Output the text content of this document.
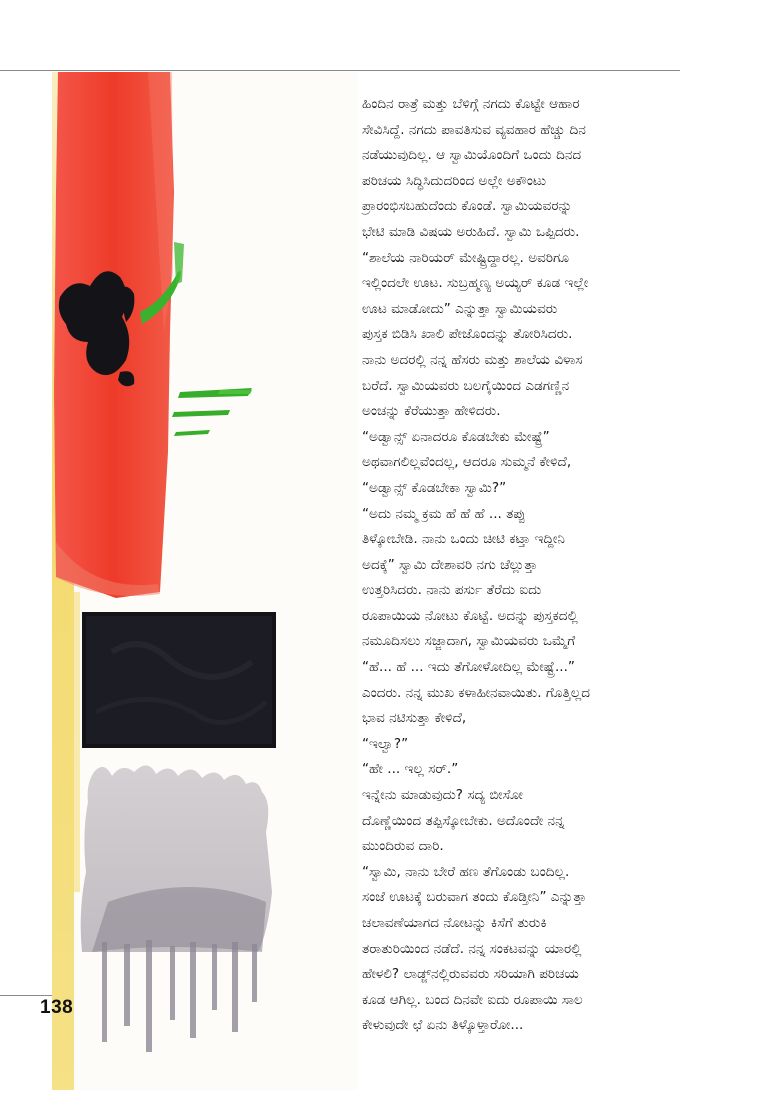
138
ಹಿಂದಿನ ರಾತ್ರೆ ಮತ್ತು ಬೆಳಿಗ್ಗೆ ನಗದು ಕೊಟ್ಟೇ ಆಹಾರ
ಸೇವಿಸಿದ್ದೆ. ನಗದು ಪಾವತಿಸುವ ವ್ಯವಹಾರ ಹೆಚ್ಚು ದಿನ
ನಡೆಯುವುದಿಲ್ಲ. ಆ ಸ್ವಾಮಿಯೊಂದಿಗೆ ಒಂದು ದಿನದ
ಪರಿಚಯ ಸಿದ್ಧಿಸಿದುದರಿಂದ ಅಲ್ಲೇ ಅಕೌಂಟು
ಪ್ರಾರಂಭಿಸಬಹುದೆಂದು ಕೊಂಡೆ. ಸ್ವಾಮಿಯವರನ್ನು
ಭೇಟಿ ಮಾಡಿ ವಿಷಯ ಅರುಹಿದೆ. ಸ್ವಾಮಿ ಒಪ್ಪಿದರು.
“ಶಾಲೆಯ ನಾರಿಯರ್ ಮೇಷ್ಟ್ರಿದ್ದಾರಲ್ಲ. ಅವರಿಗೂ
ಇಲ್ಲಿಂದಲೇ ಊಟ. ಸುಬ್ರಹ್ಮಣ್ಯ ಅಯ್ಯರ್ ಕೂಡ ಇಲ್ಲೇ
ಊಟ ಮಾಡೋದು” ಎನ್ನುತ್ತಾ ಸ್ವಾಮಿಯವರು
ಪುಸ್ತಕ ಬಿಡಿಸಿ ಖಾಲಿ ಪೇಜೊಂದನ್ನು ತೋರಿಸಿದರು.
ನಾನು ಅದರಲ್ಲಿ ನನ್ನ ಹೆಸರು ಮತ್ತು ಶಾಲೆಯ ವಿಳಾಸ
ಬರೆದೆ. ಸ್ವಾಮಿಯವರು ಬಲಗೈಯಿಂದ ಎಡಗಣ್ಣಿನ
ಅಂಚನ್ನು ಕೆರೆಯುತ್ತಾ ಹೇಳಿದರು.
“ಅಡ್ವಾನ್ಸ್ ಏನಾದರೂ ಕೊಡಬೇಕು ಮೇಷ್ಟ್ರೆ”
ಅಥವಾಗಲಿಲ್ಲವೆಂದಲ್ಲ, ಆದರೂ ಸುಮ್ಮನೆ ಕೇಳಿದೆ,
“ಅಡ್ವಾನ್ಸ್ ಕೊಡಬೇಕಾ ಸ್ವಾಮಿ?”
“ಅದು ನಮ್ಮ ಕ್ರಮ ಹೆ ಹೆ ಹೆ ... ತಪ್ಪು
ತಿಳ್ಕೋಬೇಡಿ. ನಾನು ಒಂದು ಚೀಟಿ ಕಟ್ತಾ ಇದ್ದೀನಿ
ಅದಕ್ಕೆ” ಸ್ವಾಮಿ ದೇಶಾವರಿ ನಗು ಚೆಲ್ಲುತ್ತಾ
ಉತ್ತರಿಸಿದರು. ನಾನು ಪರ್ಸು ತೆರೆದು ಐದು
ರೂಪಾಯಿಯ ನೋಟು ಕೊಟ್ಟೆ. ಅದನ್ನು ಪುಸ್ತಕದಲ್ಲಿ
ನಮೂದಿಸಲು ಸಜ್ಜಾದಾಗ, ಸ್ವಾಮಿಯವರು ಒಮ್ಮೆಗೆ
“ಹೆ... ಹೆ ... ಇದು ತೆಗೋಳೋದಿಲ್ಲ ಮೇಷ್ಟ್ರೆ...”
ಎಂದರು. ನನ್ನ ಮುಖ ಕಳಾಹೀನವಾಯಿತು. ಗೊತ್ತಿಲ್ಲದ
ಭಾವ ನಟಿಸುತ್ತಾ ಕೇಳಿದೆ,
“ಇಲ್ವಾ?”
“ಹೇ ... ಇಲ್ಲ ಸರ್.”
ಇನ್ನೇನು ಮಾಡುವುದು? ಸದ್ಯ ಬೀಸೋ
ದೊಣ್ಣೆಯಿಂದ ತಪ್ಪಿಸ್ಕೋಬೇಕು. ಅದೊಂದೇ ನನ್ನ
ಮುಂದಿರುವ ದಾರಿ.
“ಸ್ವಾಮಿ, ನಾನು ಬೇರೆ ಹಣ ತೆಗೊಂಡು ಬಂದಿಲ್ಲ.
ಸಂಜೆ ಊಟಕ್ಕೆ ಬರುವಾಗ ತಂದು ಕೊಡ್ತೀನಿ” ಎನ್ನುತ್ತಾ
ಚಲಾವಣೆಯಾಗದ ನೋಟನ್ನು ಕಿಸೆಗೆ ತುರುಕಿ
ತರಾತುರಿಯಿಂದ ನಡೆದೆ. ನನ್ನ ಸಂಕಟವನ್ನು ಯಾರಲ್ಲಿ
ಹೇಳಲಿ? ಲಾಡ್ಜ್‌ನಲ್ಲಿರುವವರು ಸರಿಯಾಗಿ ಪರಿಚಯ
ಕೂಡ ಆಗಿಲ್ಲ. ಬಂದ ದಿನವೇ ಐದು ರೂಪಾಯಿ ಸಾಲ
ಕೇಳುವುದೇ ಛೆ ಏನು ತಿಳ್ಕೊಳ್ತಾರೋ...
